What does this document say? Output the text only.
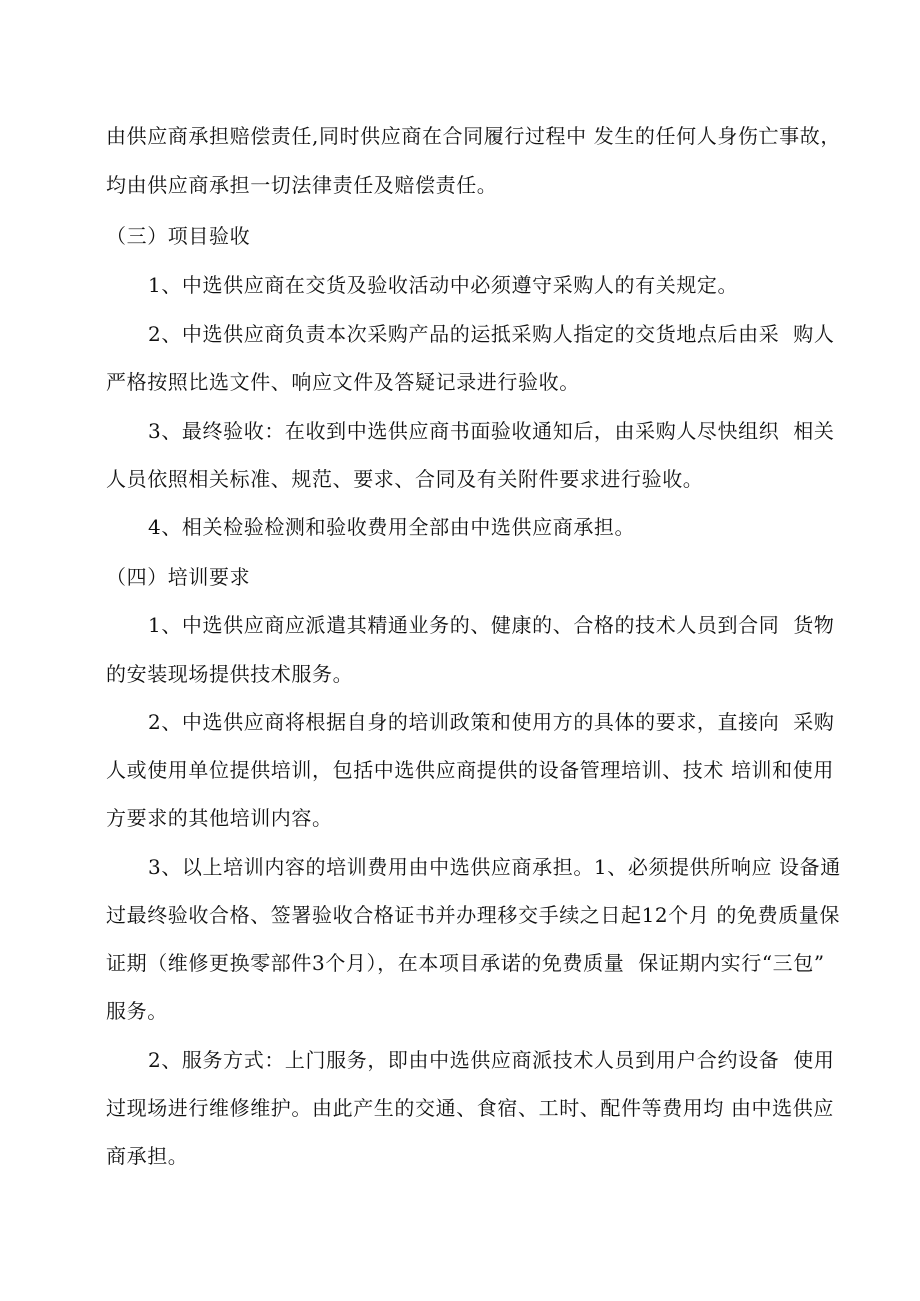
由供应商承担赔偿责任,同时供应商在合同履行过程中 发生的任何人身伤亡事故，
均由供应商承担一切法律责任及赔偿责任。
（三）项目验收
1、中选供应商在交货及验收活动中必须遵守采购人的有关规定。
2、中选供应商负责本次采购产品的运抵采购人指定的交货地点后由采  购人
严格按照比选文件、响应文件及答疑记录进行验收。
3、最终验收：在收到中选供应商书面验收通知后，由采购人尽快组织  相关
人员依照相关标准、规范、要求、合同及有关附件要求进行验收。
4、相关检验检测和验收费用全部由中选供应商承担。
（四）培训要求
1、中选供应商应派遣其精通业务的、健康的、合格的技术人员到合同  货物
的安装现场提供技术服务。
2、中选供应商将根据自身的培训政策和使用方的具体的要求，直接向  采购
人或使用单位提供培训，包括中选供应商提供的设备管理培训、技术 培训和使用
方要求的其他培训内容。
3、以上培训内容的培训费用由中选供应商承担。1、必须提供所响应 设备通
过最终验收合格、签署验收合格证书并办理移交手续之日起12个月 的免费质量保
证期（维修更换零部件3个月），在本项目承诺的免费质量  保证期内实行“三包”
服务。
2、服务方式：上门服务，即由中选供应商派技术人员到用户合约设备  使用
过现场进行维修维护。由此产生的交通、食宿、工时、配件等费用均 由中选供应
商承担。
